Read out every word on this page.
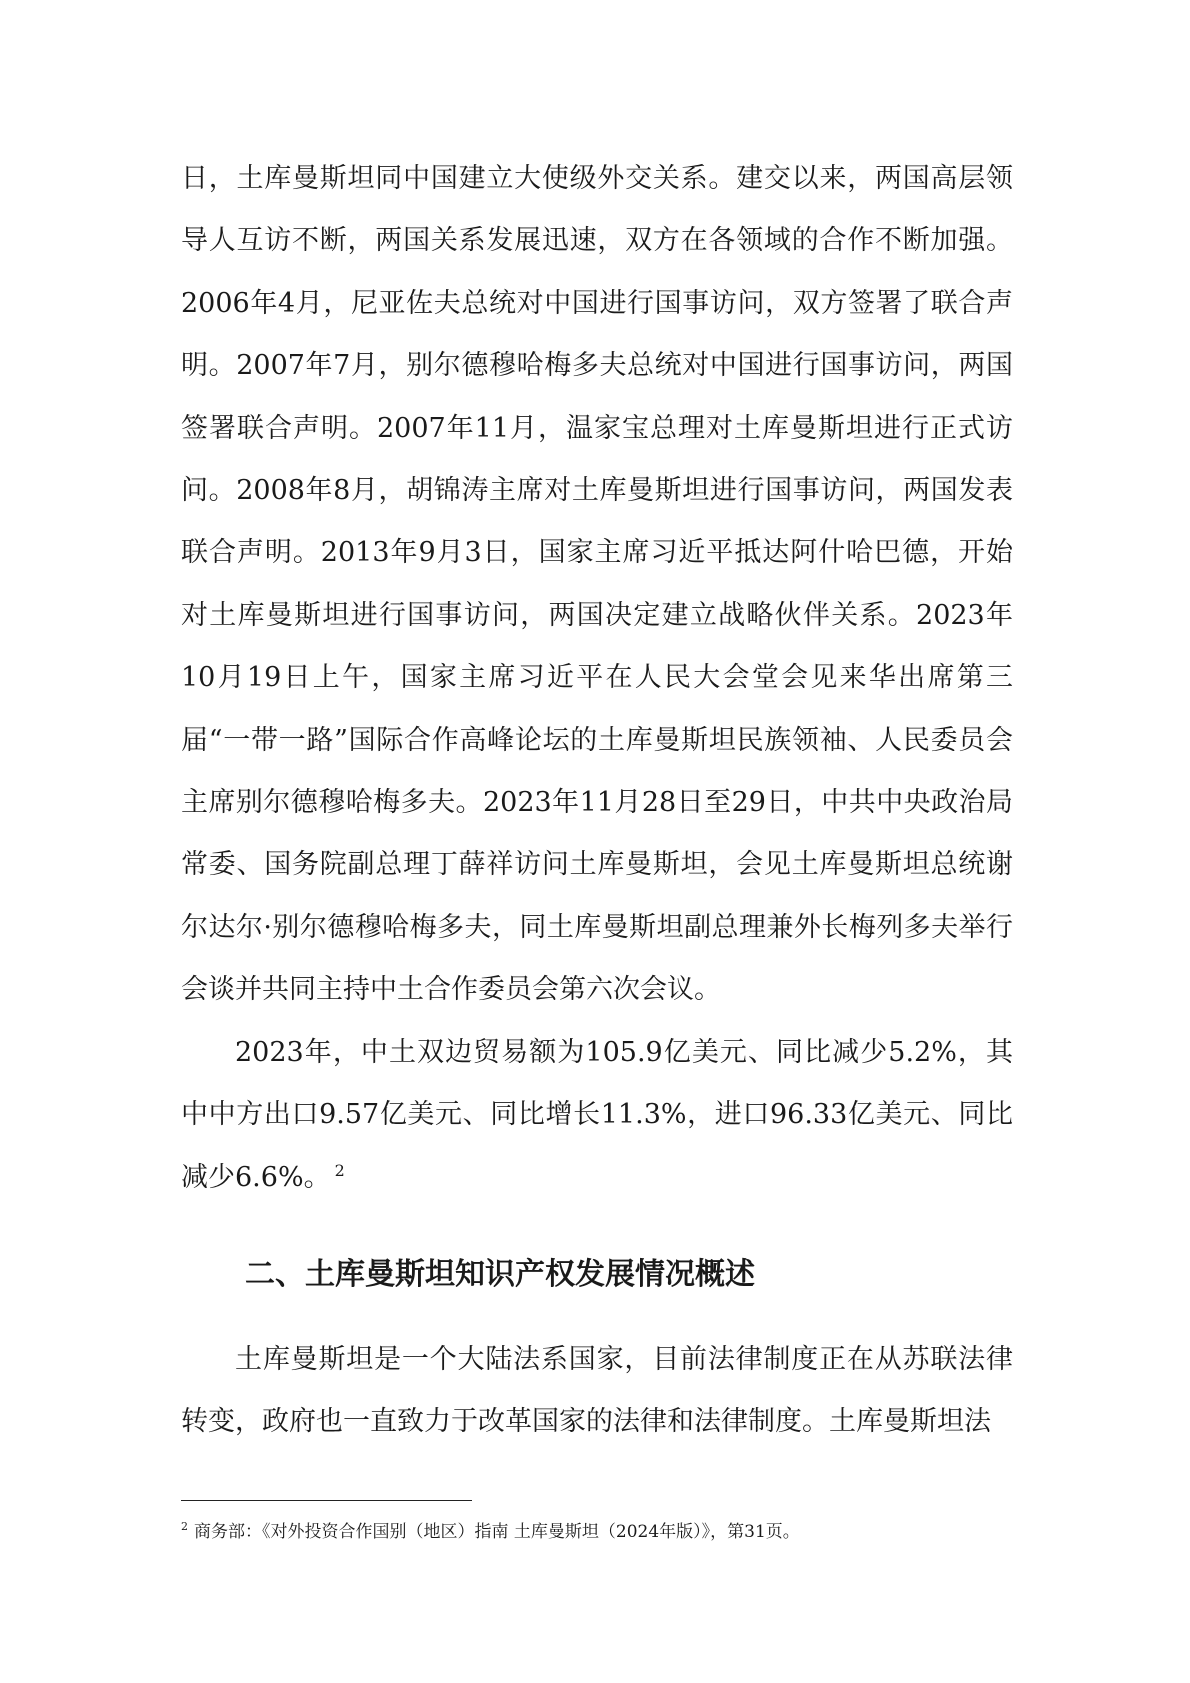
日，土库曼斯坦同中国建立大使级外交关系。建交以来，两国高层领导人互访不断，两国关系发展迅速，双方在各领域的合作不断加强。2006年4月，尼亚佐夫总统对中国进行国事访问，双方签署了联合声明。2007年7月，别尔德穆哈梅多夫总统对中国进行国事访问，两国签署联合声明。2007年11月，温家宝总理对土库曼斯坦进行正式访问。2008年8月，胡锦涛主席对土库曼斯坦进行国事访问，两国发表联合声明。2013年9月3日，国家主席习近平抵达阿什哈巴德，开始对土库曼斯坦进行国事访问，两国决定建立战略伙伴关系。2023年10月19日上午，国家主席习近平在人民大会堂会见来华出席第三届“一带一路”国际合作高峰论坛的土库曼斯坦民族领袖、人民委员会主席别尔德穆哈梅多夫。2023年11月28日至29日，中共中央政治局常委、国务院副总理丁薛祥访问土库曼斯坦，会见土库曼斯坦总统谢尔达尔·别尔德穆哈梅多夫，同土库曼斯坦副总理兼外长梅列多夫举行会谈并共同主持中土合作委员会第六次会议。

2023年，中土双边贸易额为105.9亿美元、同比减少5.2%，其中中方出口9.57亿美元、同比增长11.3%，进口96.33亿美元、同比减少6.6%。 $^2$

二、土库曼斯坦知识产权发展情况概述

土库曼斯坦是一个大陆法系国家，目前法律制度正在从苏联法律转变，政府也一直致力于改革国家的法律和法律制度。土库曼斯坦法

$^2$ 商务部：《对外投资合作国别（地区）指南 土库曼斯坦（2024年版）》，第31页。
